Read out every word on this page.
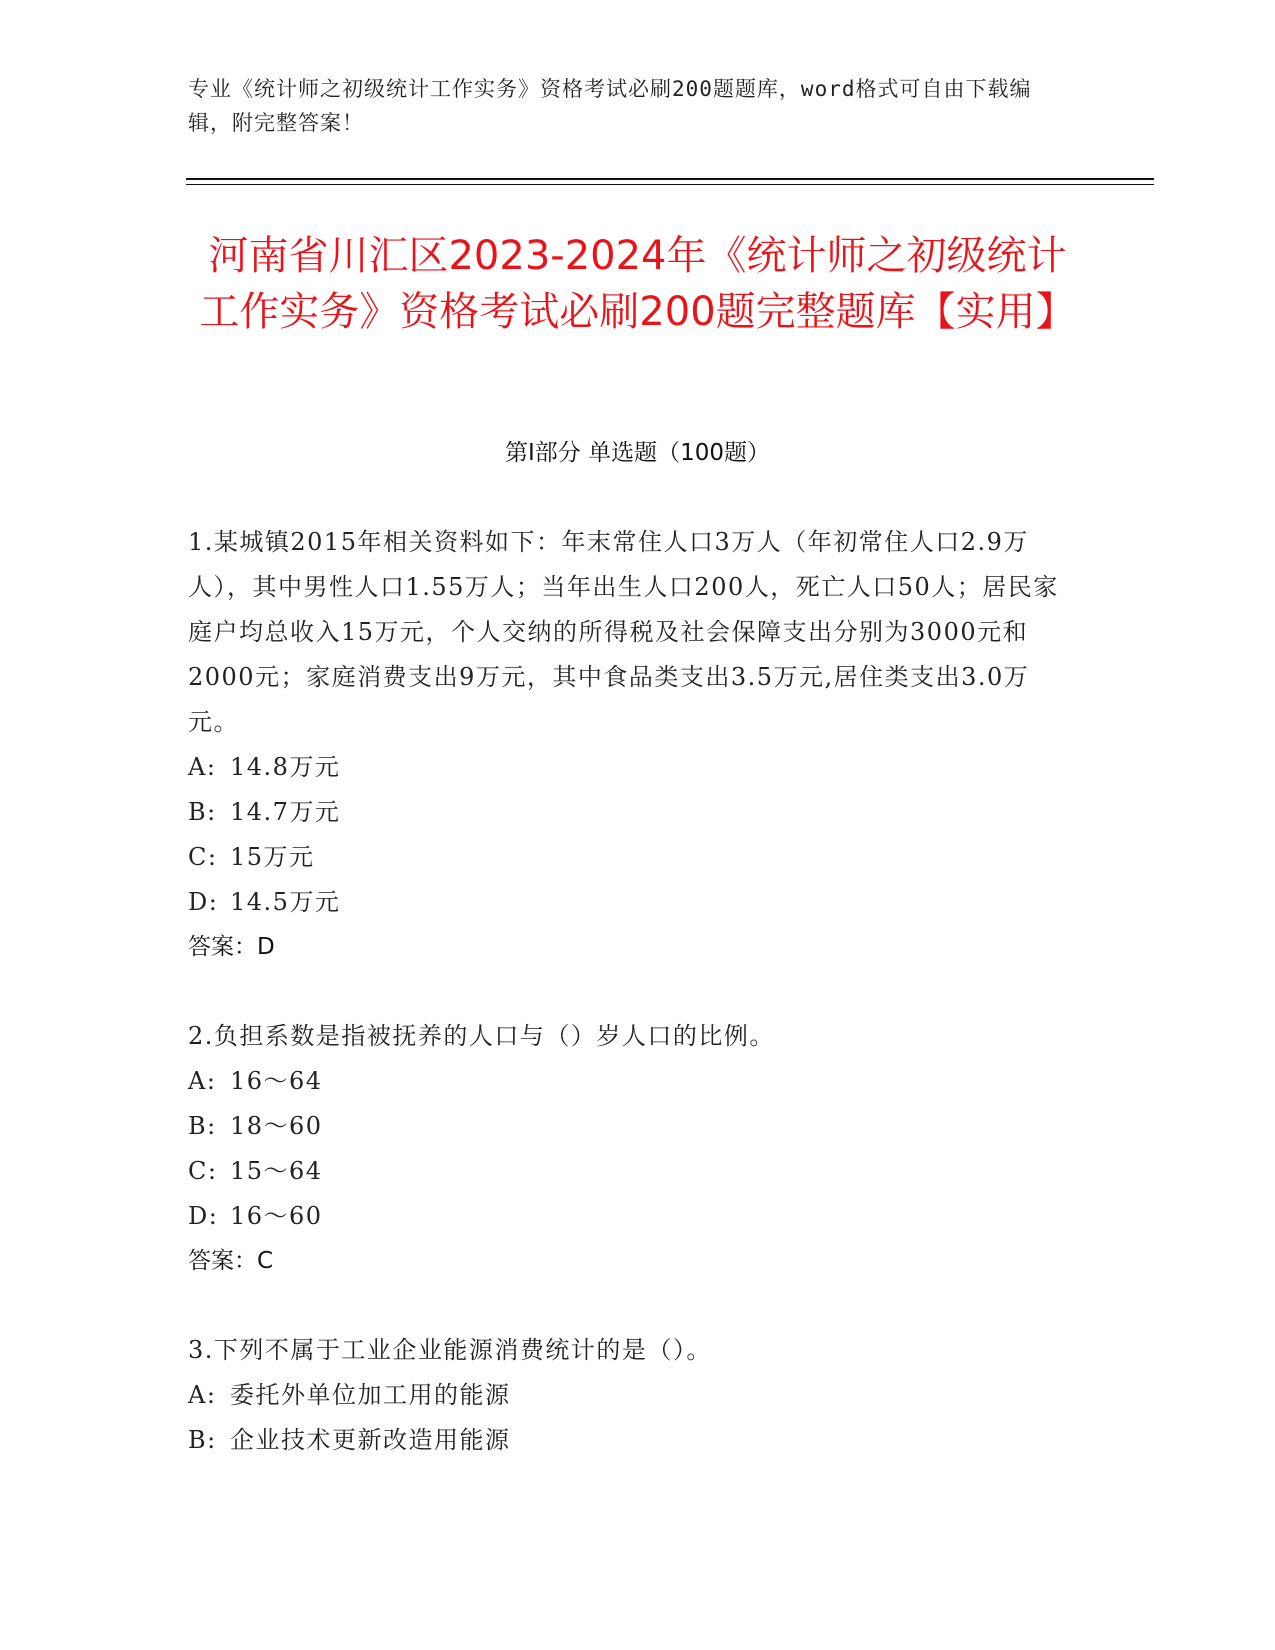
专业《统计师之初级统计工作实务》资格考试必刷200题题库，word格式可自由下载编辑，附完整答案！
河南省川汇区2023-2024年《统计师之初级统计工作实务》资格考试必刷200题完整题库【实用】
第I部分 单选题（100题）

1.某城镇2015年相关资料如下：年末常住人口3万人（年初常住人口2.9万人），其中男性人口1.55万人；当年出生人口200人，死亡人口50人；居民家庭户均总收入15万元，个人交纳的所得税及社会保障支出分别为3000元和2000元；家庭消费支出9万元，其中食品类支出3.5万元,居住类支出3.0万元。

A: 14.8万元

B: 14.7万元

C: 15万元

D: 14.5万元

答案：D

2.负担系数是指被抚养的人口与（）岁人口的比例。

A: 16～64

B: 18～60

C: 15～64

D: 16～60

答案：C

3.下列不属于工业企业能源消费统计的是（）。

A: 委托外单位加工用的能源

B: 企业技术更新改造用能源
